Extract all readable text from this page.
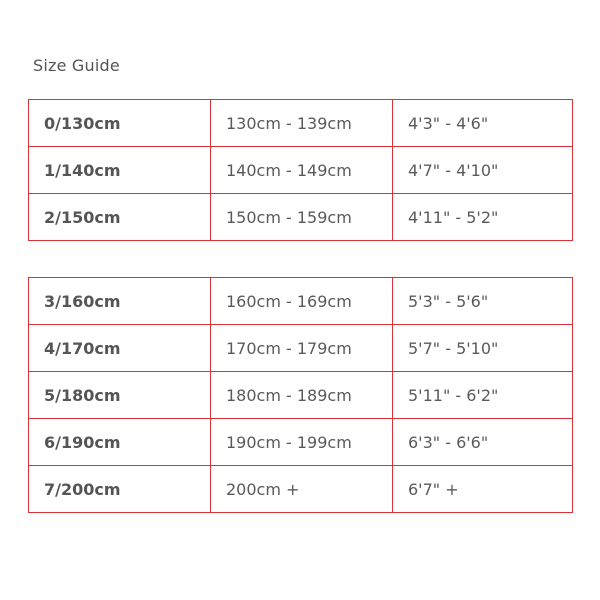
Size Guide
0/130cm	130cm - 139cm	4'3" - 4'6"
1/140cm	140cm - 149cm	4'7" - 4'10"
2/150cm	150cm - 159cm	4'11" - 5'2"
3/160cm	160cm - 169cm	5'3" - 5'6"
4/170cm	170cm - 179cm	5'7" - 5'10"
5/180cm	180cm - 189cm	5'11" - 6'2"
6/190cm	190cm - 199cm	6'3" - 6'6"
7/200cm	200cm +	6'7" +
